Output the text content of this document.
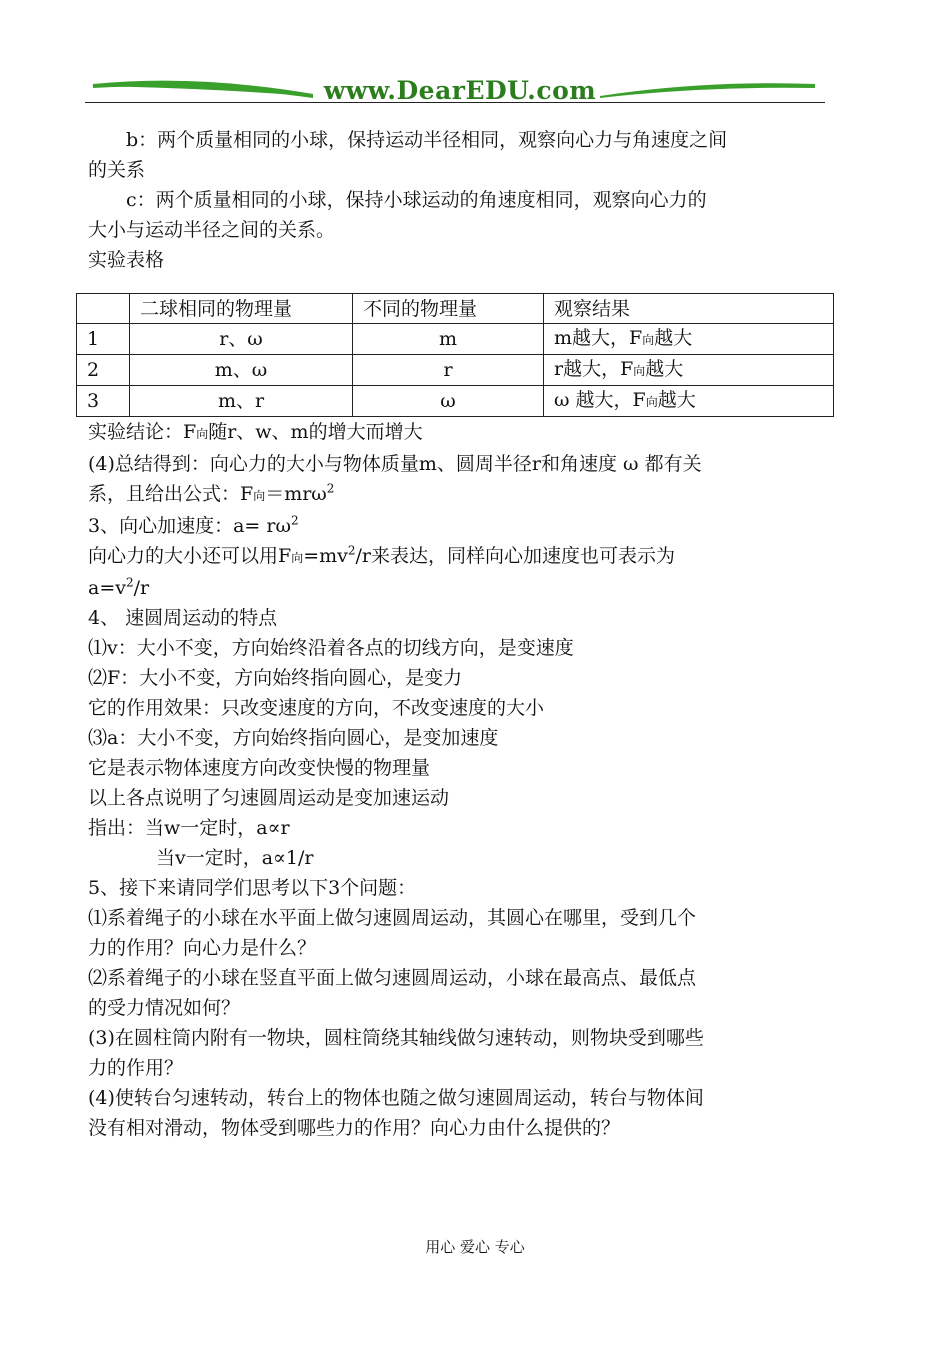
www.DearEDU.com

b：两个质量相同的小球，保持运动半径相同，观察向心力与角速度之间

的关系

c：两个质量相同的小球，保持小球运动的角速度相同，观察向心力的

大小与运动半径之间的关系。

实验表格

	二球相同的物理量	不同的物理量	观察结果
1	r、ω	m	m越大，F向越大
2	m、ω	r	r越大，F向越大
3	m、r	ω	ω 越大，F向越大

实验结论：F向随r、w、m的增大而增大

(4)总结得到：向心力的大小与物体质量m、圆周半径r和角速度 ω 都有关

系，且给出公式：F向＝mrω$^2$

3、向心加速度：$a= r\omega^2$

向心力的大小还可以用F向$=mv^2/r$来表达，同样向心加速度也可表示为

$a=v^2/r$

4、 速圆周运动的特点

⑴v：大小不变，方向始终沿着各点的切线方向，是变速度

⑵F：大小不变，方向始终指向圆心，是变力

它的作用效果：只改变速度的方向，不改变速度的大小

⑶a：大小不变，方向始终指向圆心，是变加速度

它是表示物体速度方向改变快慢的物理量

以上各点说明了匀速圆周运动是变加速运动

指出：当w一定时，a∝r

当v一定时，a∝1/r

5、接下来请同学们思考以下3个问题：

⑴系着绳子的小球在水平面上做匀速圆周运动，其圆心在哪里，受到几个

力的作用？向心力是什么？

⑵系着绳子的小球在竖直平面上做匀速圆周运动，小球在最高点、最低点

的受力情况如何？

(3)在圆柱筒内附有一物块，圆柱筒绕其轴线做匀速转动，则物块受到哪些

力的作用？

(4)使转台匀速转动，转台上的物体也随之做匀速圆周运动，转台与物体间

没有相对滑动，物体受到哪些力的作用？向心力由什么提供的？

用心 爱心 专心
